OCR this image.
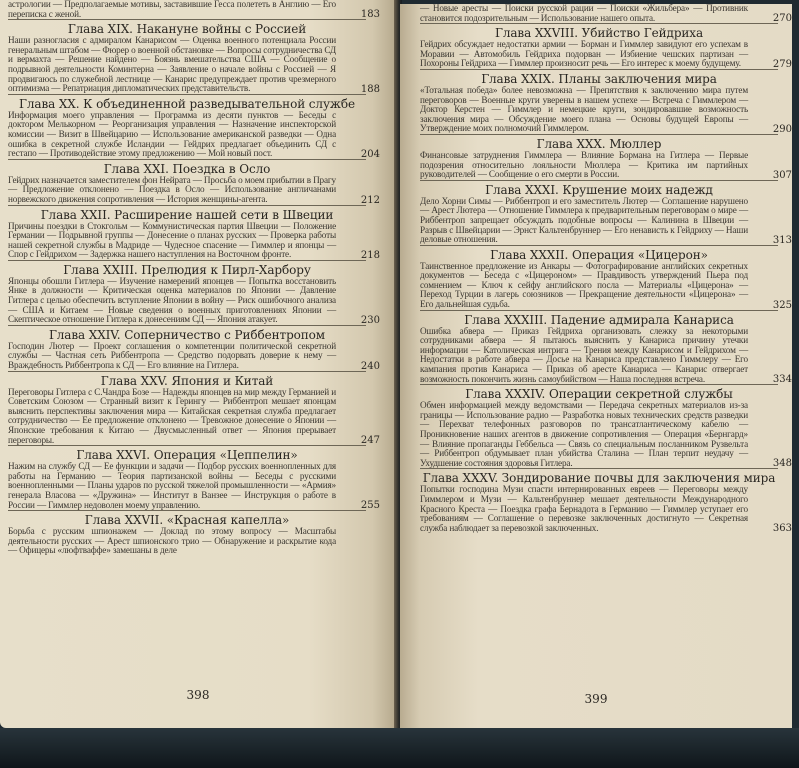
астрологии — Предполагаемые мотивы, заставившие Гесса полететь в Англию — Его переписка с женой.	183
Глава XIX. Накануне войны с Россией
Наши разногласия с адмиралом Канарисом — Оценка военного потенциала России генеральным штабом — Фюрер о военной обстановке — Вопросы сотрудничества СД и вермахта — Решение найдено — Боязнь вмешательства США — Сообщение о подрывной деятельности Коминтерна — Заявление о начале войны с Россией — Я продвигаюсь по служебной лестнице — Канарис предупреждает против чрезмерного оптимизма — Репатриация дипломатических представительств.	188
Глава XX. К объединенной разведывательной службе
Информация моего управления — Программа из десяти пунктов — Беседы с доктором Мелькорном — Реорганизация управления — Назначение инспекторской комиссии — Визит в Швейцарию — Использование американской разведки — Одна ошибка в секретной службе Исландии — Гейдрих предлагает объединить СД с гестапо — Противодействие этому предложению — Мой новый пост.	204
Глава XXI. Поездка в Осло
Гейдрих назначается заместителем фон Нейрата — Просьба о моем прибытии в Прагу — Предложение отклонено — Поездка в Осло — Использование англичанами норвежского движения сопротивления — История женщины-агента.	212
Глава XXII. Расширение нашей сети в Швеции
Причины поездки в Стокгольм — Коммунистическая партия Швеции — Положение Германии — Подрывной группы — Донесение о планах русских — Проверка работы нашей секретной службы в Мадриде — Чудесное спасение — Гиммлер и японцы — Спор с Гейдрихом — Задержка нашего наступления на Восточном фронте.	218
Глава XXIII. Прелюдия к Пирл-Харбору
Японцы обошли Гитлера — Изучение намерений японцев — Попытка восстановить Янке в должности — Критическая оценка материалов по Японии — Давление Гитлера с целью обеспечить вступление Японии в войну — Риск ошибочного анализа — США и Китаем — Новые сведения о военных приготовлениях Японии — Скептическое отношение Гитлера к донесениям СД — Япония атакует.	230
Глава XXIV. Соперничество с Риббентропом
Господин Лютер — Проект соглашения о компетенции политической секретной службы — Частная сеть Риббентропа — Средство подорвать доверие к нему — Враждебность Риббентропа к СД — Его влияние на Гитлера.	240
Глава XXV. Япония и Китай
Переговоры Гитлера с С.Чандра Бозе — Надежды японцев на мир между Германией и Советским Союзом — Странный визит к Герингу — Риббентроп мешает японцам выяснить перспективы заключения мира — Китайская секретная служба предлагает сотрудничество — Ее предложение отклонено — Тревожное донесение о Японии — Японские требования к Китаю — Двусмысленный ответ — Япония прерывает переговоры.	247
Глава XXVI. Операция «Цеппелин»
Нажим на службу СД — Ее функции и задачи — Подбор русских военнопленных для работы на Германию — Теория партизанской войны — Беседы с русскими военнопленными — Планы ударов по русской тяжелой промышленности — «Армия» генерала Власова — «Дружина» — Институт в Ванзее — Инструкция о работе в России — Гиммлер недоволен моему управлению.	255
Глава XXVII. «Красная капелла»
Борьба с русским шпионажем — Доклад по этому вопросу — Масштабы деятельности русских — Арест шпионского трио — Обнаружение и раскрытие кода — Офицеры «люфтваффе» замешаны в деле
398
— Новые аресты — Поиски русской рации — Поиски «Жильбера» — Противник становится подозрительным — Использование нашего опыта.	270
Глава XXVIII. Убийство Гейдриха
Гейдрих обсуждает недостатки армии — Борман и Гиммлер завидуют его успехам в Моравии — Автомобиль Гейдриха подорван — Избиение чешских партизан — Похороны Гейдриха — Гиммлер произносит речь — Его интерес к моему будущему.	279
Глава XXIX. Планы заключения мира
«Тотальная победа» более невозможна — Препятствия к заключению мира путем переговоров — Военные круги уверены в нашем успехе — Встреча с Гиммлером — Доктор Керстен — Гиммлер и немецкие круги, зондировавшие возможность заключения мира — Обсуждение моего плана — Основы будущей Европы — Утверждение моих полномочий Гиммлером.	290
Глава XXX. Мюллер
Финансовые затруднения Гиммлера — Влияние Бормана на Гитлера — Первые подозрения относительно лояльности Мюллера — Критика им партийных руководителей — Сообщение о его смерти в России.	307
Глава XXXI. Крушение моих надежд
Дело Хорни Симы — Риббентроп и его заместитель Лютер — Соглашение нарушено — Арест Лютера — Отношение Гиммлера к предварительным переговорам о мире — Риббентроп запрещает обсуждать подобные вопросы — Калинина в Швеции — Разрыв с Швейцарии — Эрнст Кальтенбруннер — Его ненависть к Гейдриху — Наши деловые отношения.	313
Глава XXXII. Операция «Цицерон»
Таинственное предложение из Анкары — Фотографирование английских секретных документов — Беседа с «Цицероном» — Правдивость утверждений Пьера под сомнением — Ключ к сейфу английского посла — Материалы «Цицерона» — Переход Турции в лагерь союзников — Прекращение деятельности «Цицерона» — Его дальнейшая судьба.	325
Глава XXXIII. Падение адмирала Канариса
Ошибка абвера — Приказ Гейдриха организовать слежку за некоторыми сотрудниками абвера — Я пытаюсь выяснить у Канариса причину утечки информации — Католическая интрига — Трения между Канарисом и Гейдрихом — Недостатки в работе абвера — Досье на Канариса представлено Гиммлеру — Его кампания против Канариса — Приказ об аресте Канариса — Канарис отвергает возможность покончить жизнь самоубийством — Наша последняя встреча.	334
Глава XXXIV. Операции секретной службы
Обмен информацией между ведомствами — Передача секретных материалов из-за границы — Использование радио — Разработка новых технических средств разведки — Перехват телефонных разговоров по трансатлантическому кабелю — Проникновение наших агентов в движение сопротивления — Операция «Бернгард» — Влияние пропаганды Геббельса — Связь со специальным посланником Рузвельта — Риббентроп обдумывает план убийства Сталина — План терпит неудачу — Ухудшение состояния здоровья Гитлера.	348
Глава XXXV. Зондирование почвы для заключения мира
Попытки господина Музи спасти интернированных евреев — Переговоры между Гиммлером и Музи — Кальтенбруннер мешает деятельности Международного Красного Креста — Поездка графа Бернадота в Германию — Гиммлер уступает его требованиям — Соглашение о перевозке заключенных достигнуто — Секретная служба наблюдает за перевозкой заключенных.	363
399
